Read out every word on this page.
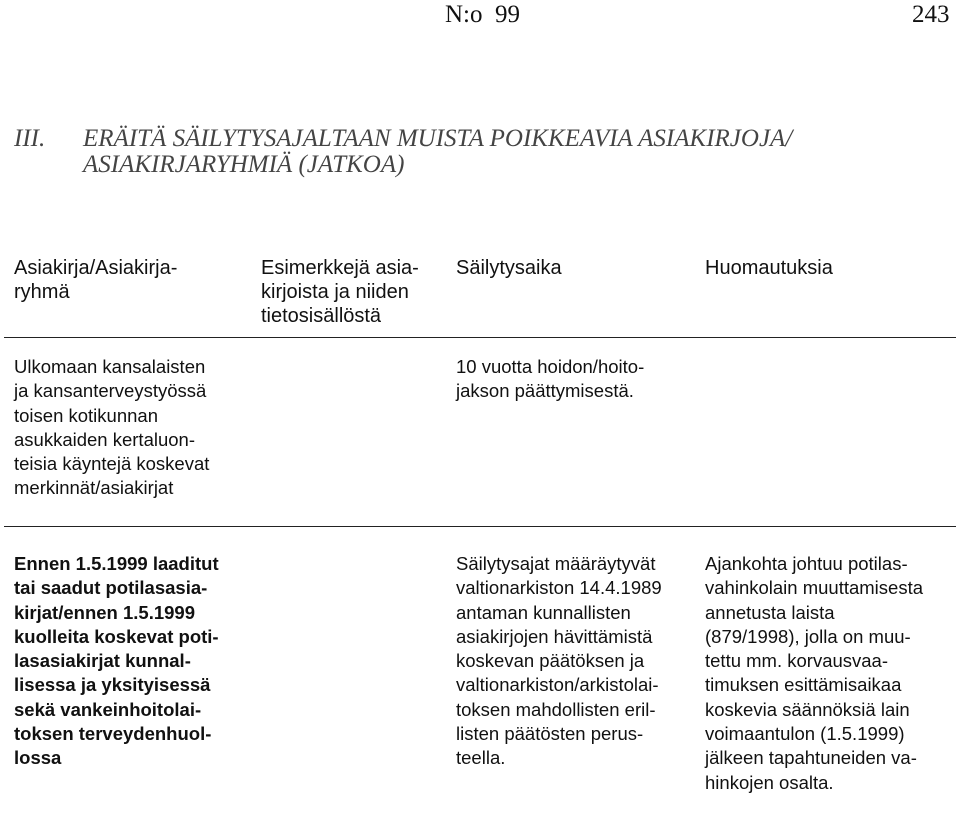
N:o  99	243
III. ERÄITÄ SÄILYTYSAJALTAAN MUISTA POIKKEAVIA ASIAKIRJOJA/
ASIAKIRJARYHMIÄ (JATKOA)
Asiakirja/Asiakirja-
ryhmä
Esimerkkejä asia-
kirjoista ja niiden
tietosisällöstä
Säilytysaika	Huomautuksia
Ulkomaan kansalaisten
ja kansanterveystyössä
toisen kotikunnan
asukkaiden kertaluon-
teisia käyntejä koskevat
merkinnät/asiakirjat
10 vuotta hoidon/hoito-
jakson päättymisestä.
Ennen 1.5.1999 laaditut
tai saadut potilasasia-
kirjat/ennen 1.5.1999
kuolleita koskevat poti-
lasasiakirjat kunnal-
lisessa ja yksityisessä
sekä vankeinhoitolai-
toksen terveydenhuol-
lossa
Säilytysajat määräytyvät
valtionarkiston 14.4.1989
antaman kunnallisten
asiakirjojen hävittämistä
koskevan päätöksen ja
valtionarkiston/arkistolai-
toksen mahdollisten eril-
listen päätösten perus-
teella.
Ajankohta johtuu potilas-
vahinkolain muuttamisesta
annetusta laista
(879/1998), jolla on muu-
tettu mm. korvausvaa-
timuksen esittämisaikaa
koskevia säännöksiä lain
voimaantulon (1.5.1999)
jälkeen tapahtuneiden va-
hinkojen osalta.
